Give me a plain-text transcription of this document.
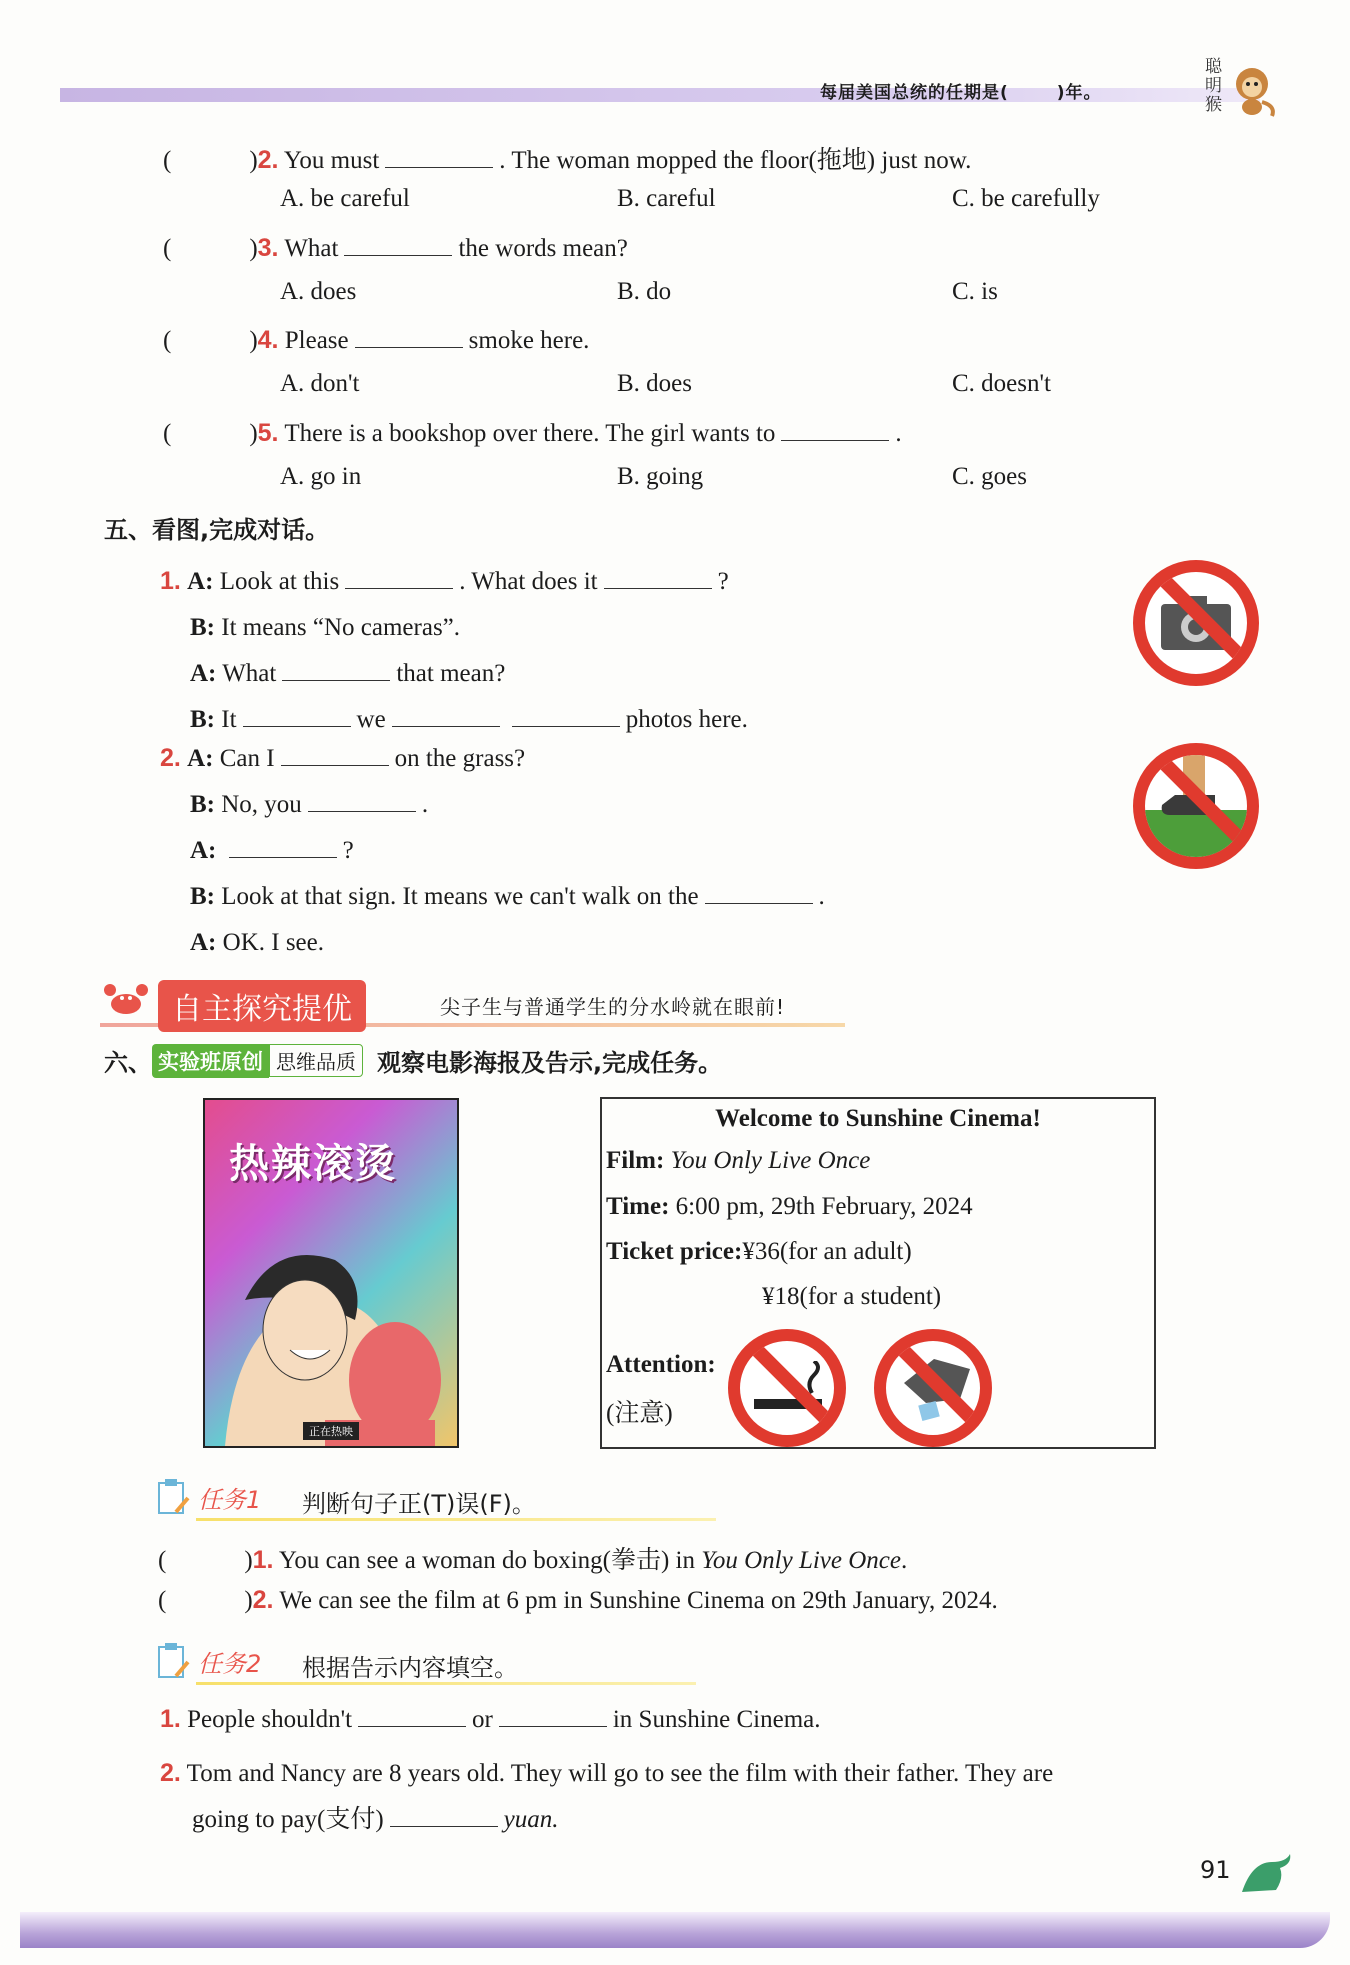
每届美国总统的任期是(	)年。
聪明猴
(	)2. You must	. The woman mopped the floor(拖地) just now.
A. be careful	B. careful	C. be carefully
(	)3. What	the words mean?
A. does	B. do	C. is
(	)4. Please	smoke here.
A. don't	B. does	C. doesn't
(	)5. There is a bookshop over there. The girl wants to	.
A. go in	B. going	C. goes
五、看图,完成对话。
1. A: Look at this	. What does it	?
B: It means “No cameras”.
A: What	that mean?
B: It	we	photos here.
2. A: Can I	on the grass?
B: No, you	.
A:	?
B: Look at that sign. It means we can't walk on the	.
A: OK. I see.
自主探究提优	尖子生与普通学生的分水岭就在眼前!
六、 实验班原创 思维品质 观察电影海报及告示,完成任务。
热辣滚烫
正在热映
Welcome to Sunshine Cinema!
Film: You Only Live Once
Time: 6:00 pm, 29th February, 2024
Ticket price:¥36(for an adult)
¥18(for a student)
Attention:
(注意)
任务1 判断句子正(T)误(F)。
(	)1. You can see a woman do boxing(拳击) in You Only Live Once.
(	)2. We can see the film at 6 pm in Sunshine Cinema on 29th January, 2024.
任务2 根据告示内容填空。
1. People shouldn't	or	in Sunshine Cinema.
2. Tom and Nancy are 8 years old. They will go to see the film with their father. They are
going to pay(支付)	yuan.
91
